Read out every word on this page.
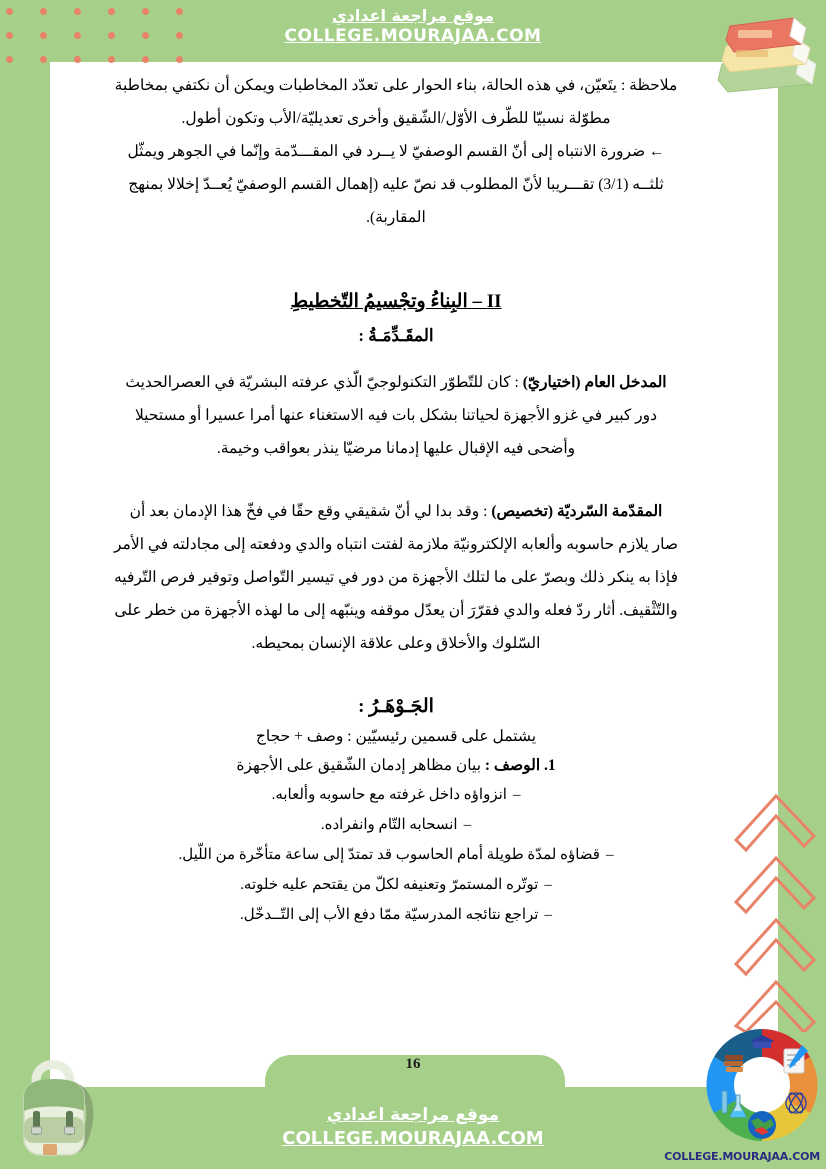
موقع مراجعة اعدادي
COLLEGE.MOURAJAA.COM
ملاحظة : يتَعيّن، في هذه الحالة، بناء الحوار على تعدّد المخاطبات ويمكن أن نكتفي بمخاطبة
مطوّلة نسبيّا للطّرف الأوّل/الشّقيق وأخرى تعديليّة/الأب وتكون أطول.
← ضرورة الانتباه إلى أنّ القسم الوصفيّ لا يــرد في المقـــدّمة وإنّما في الجوهر ويمثّل
ثلثــه (3/1) تقـــريبا لأنّ المطلوب قد نصّ عليه (إهمال القسم الوصفيّ يُعــدّ إخلالا بمنهج
المقاربة).
II – البِناءُ وتجْسيمُ التّخطيطِ
المقَـدِّمَـةُ :
المدخل العام (اختياريّ) : كان للتّطوّر التكنولوجيّ الّذي عرفته البشريّة في العصرالحديث
دور كبير في غزو الأجهزة لحياتنا بشكل بات فيه الاستغناء عنها أمرا عسيرا أو مستحيلا
وأضحى فيه الإقبال عليها إدمانا مرضيّا ينذر بعواقب وخيمة.
المقدّمة السّرديّة (تخصيص) : وقد بدا لي أنّ شقيقي وقع حقّا في فخّ هذا الإدمان بعد أن
صار يلازم حاسوبه وألعابه الإلكترونيّة ملازمة لفتت انتباه والدي ودفعته إلى مجادلته في الأمر
فإذا به ينكر ذلك وبصرّ على ما لتلك الأجهزة من دور في تيسير التّواصل وتوفير فرص التّرفيه
والتّثْقيف. أثار ردّ فعله والدي فقرّرَ أن يعدّل موقفه وينبّهه إلى ما لهذه الأجهزة من خطر على
السّلوك والأخلاق وعلى علاقة الإنسان بمحيطه.
الجَـوْهَـرُ :
يشتمل على قسمين رئيسيّين : وصف + حجاج
1. الوصف : بيان مظاهر إدمان الشّقيق على الأجهزة
–انزواؤه داخل غرفته مع حاسوبه وألعابه.
–انسحابه التّام وانفراده.
–قضاؤه لمدّة طويلة أمام الحاسوب قد تمتدّ إلى ساعة متأخّرة من اللّيل.
–توتّره المستمرّ وتعنيفه لكلّ من يقتحم عليه خلوته.
–تراجع نتائجه المدرسيّة ممّا دفع الأب إلى التّــدخّل.
16
موقع مراجعة اعدادي
COLLEGE.MOURAJAA.COM
COLLEGE.MOURAJAA.COM
